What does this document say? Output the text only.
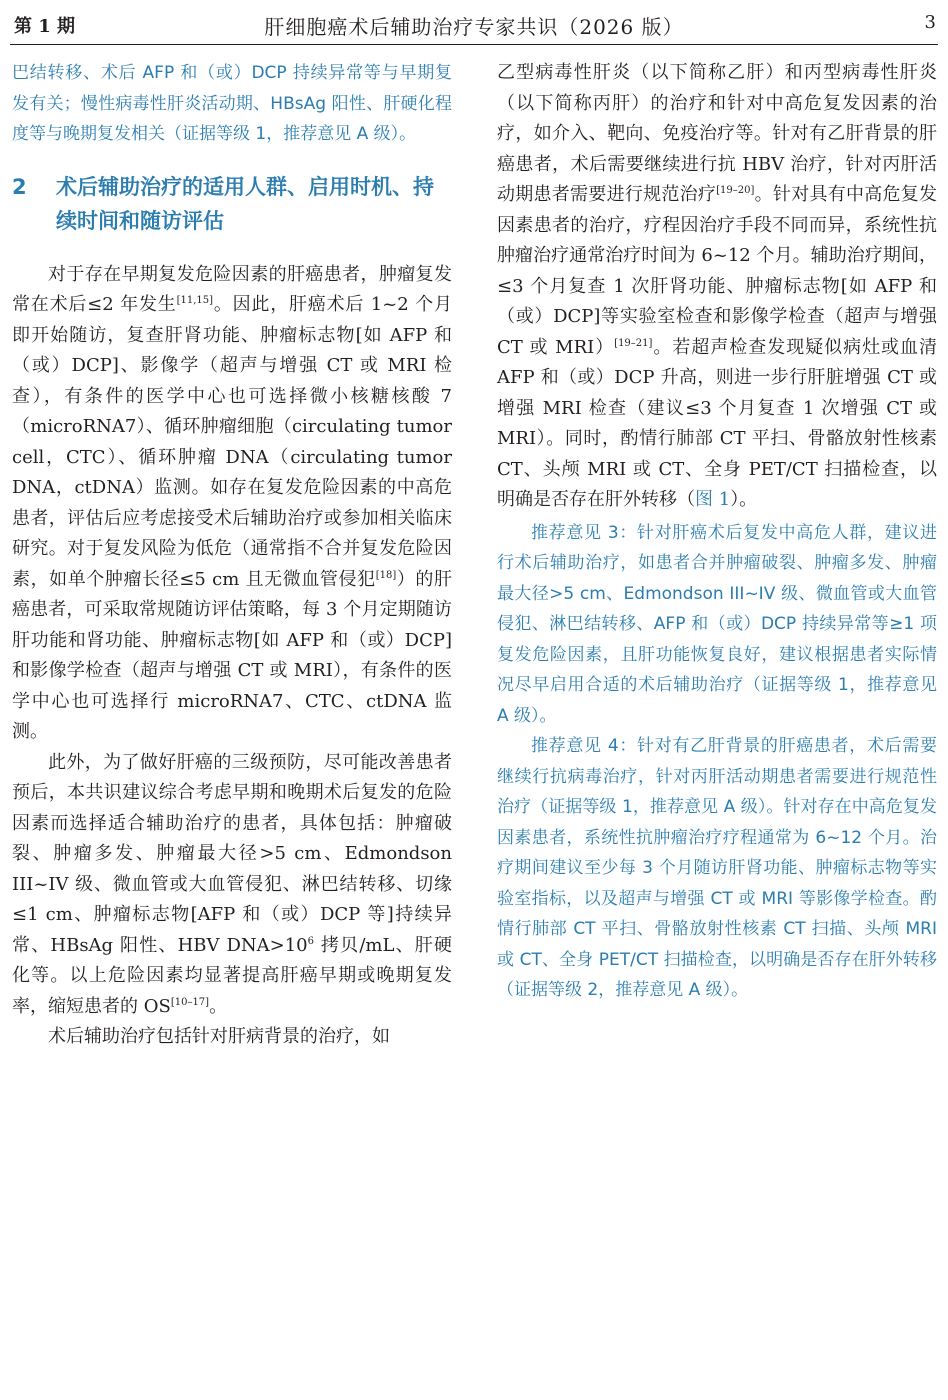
第 1 期	肝细胞癌术后辅助治疗专家共识（2026 版）	3

巴结转移、术后 AFP 和（或）DCP 持续异常等与早期复发有关；慢性病毒性肝炎活动期、HBsAg 阳性、肝硬化程度等与晚期复发相关（证据等级 1，推荐意见 A 级）。

2	术后辅助治疗的适用人群、启用时机、持续时间和随访评估

对于存在早期复发危险因素的肝癌患者，肿瘤复发常在术后≤2 年发生[11,15]。因此，肝癌术后 1~2 个月即开始随访，复查肝肾功能、肿瘤标志物[如 AFP 和（或）DCP]、影像学（超声与增强 CT 或 MRI 检查），有条件的医学中心也可选择微小核糖核酸 7（microRNA7）、循环肿瘤细胞（circulating tumor cell，CTC）、循环肿瘤 DNA（circulating tumor DNA，ctDNA）监测。如存在复发危险因素的中高危患者，评估后应考虑接受术后辅助治疗或参加相关临床研究。对于复发风险为低危（通常指不合并复发危险因素，如单个肿瘤长径≤5 cm 且无微血管侵犯[18]）的肝癌患者，可采取常规随访评估策略，每 3 个月定期随访肝功能和肾功能、肿瘤标志物[如 AFP 和（或）DCP]和影像学检查（超声与增强 CT 或 MRI），有条件的医学中心也可选择行 microRNA7、CTC、ctDNA 监测。

此外，为了做好肝癌的三级预防，尽可能改善患者预后，本共识建议综合考虑早期和晚期术后复发的危险因素而选择适合辅助治疗的患者，具体包括：肿瘤破裂、肿瘤多发、肿瘤最大径>5 cm、Edmondson III~IV 级、微血管或大血管侵犯、淋巴结转移、切缘≤1 cm、肿瘤标志物[AFP 和（或）DCP 等]持续异常、HBsAg 阳性、HBV DNA>10$^6$ 拷贝/mL、肝硬化等。以上危险因素均显著提高肝癌早期或晚期复发率，缩短患者的 OS[10–17]。

术后辅助治疗包括针对肝病背景的治疗，如

乙型病毒性肝炎（以下简称乙肝）和丙型病毒性肝炎（以下简称丙肝）的治疗和针对中高危复发因素的治疗，如介入、靶向、免疫治疗等。针对有乙肝背景的肝癌患者，术后需要继续进行抗 HBV 治疗，针对丙肝活动期患者需要进行规范治疗[19–20]。针对具有中高危复发因素患者的治疗，疗程因治疗手段不同而异，系统性抗肿瘤治疗通常治疗时间为 6~12 个月。辅助治疗期间，≤3 个月复查 1 次肝肾功能、肿瘤标志物[如 AFP 和（或）DCP]等实验室检查和影像学检查（超声与增强 CT 或 MRI）[19–21]。若超声检查发现疑似病灶或血清 AFP 和（或）DCP 升高，则进一步行肝脏增强 CT 或增强 MRI 检查（建议≤3 个月复查 1 次增强 CT 或 MRI）。同时，酌情行肺部 CT 平扫、骨骼放射性核素 CT、头颅 MRI 或 CT、全身 PET/CT 扫描检查，以明确是否存在肝外转移（图 1）。

推荐意见 3：针对肝癌术后复发中高危人群，建议进行术后辅助治疗，如患者合并肿瘤破裂、肿瘤多发、肿瘤最大径>5 cm、Edmondson III~IV 级、微血管或大血管侵犯、淋巴结转移、AFP 和（或）DCP 持续异常等≥1 项复发危险因素，且肝功能恢复良好，建议根据患者实际情况尽早启用合适的术后辅助治疗（证据等级 1，推荐意见 A 级）。

推荐意见 4：针对有乙肝背景的肝癌患者，术后需要继续行抗病毒治疗，针对丙肝活动期患者需要进行规范性治疗（证据等级 1，推荐意见 A 级）。针对存在中高危复发因素患者，系统性抗肿瘤治疗疗程通常为 6~12 个月。治疗期间建议至少每 3 个月随访肝肾功能、肿瘤标志物等实验室指标，以及超声与增强 CT 或 MRI 等影像学检查。酌情行肺部 CT 平扫、骨骼放射性核素 CT 扫描、头颅 MRI 或 CT、全身 PET/CT 扫描检查，以明确是否存在肝外转移（证据等级 2，推荐意见 A 级）。
